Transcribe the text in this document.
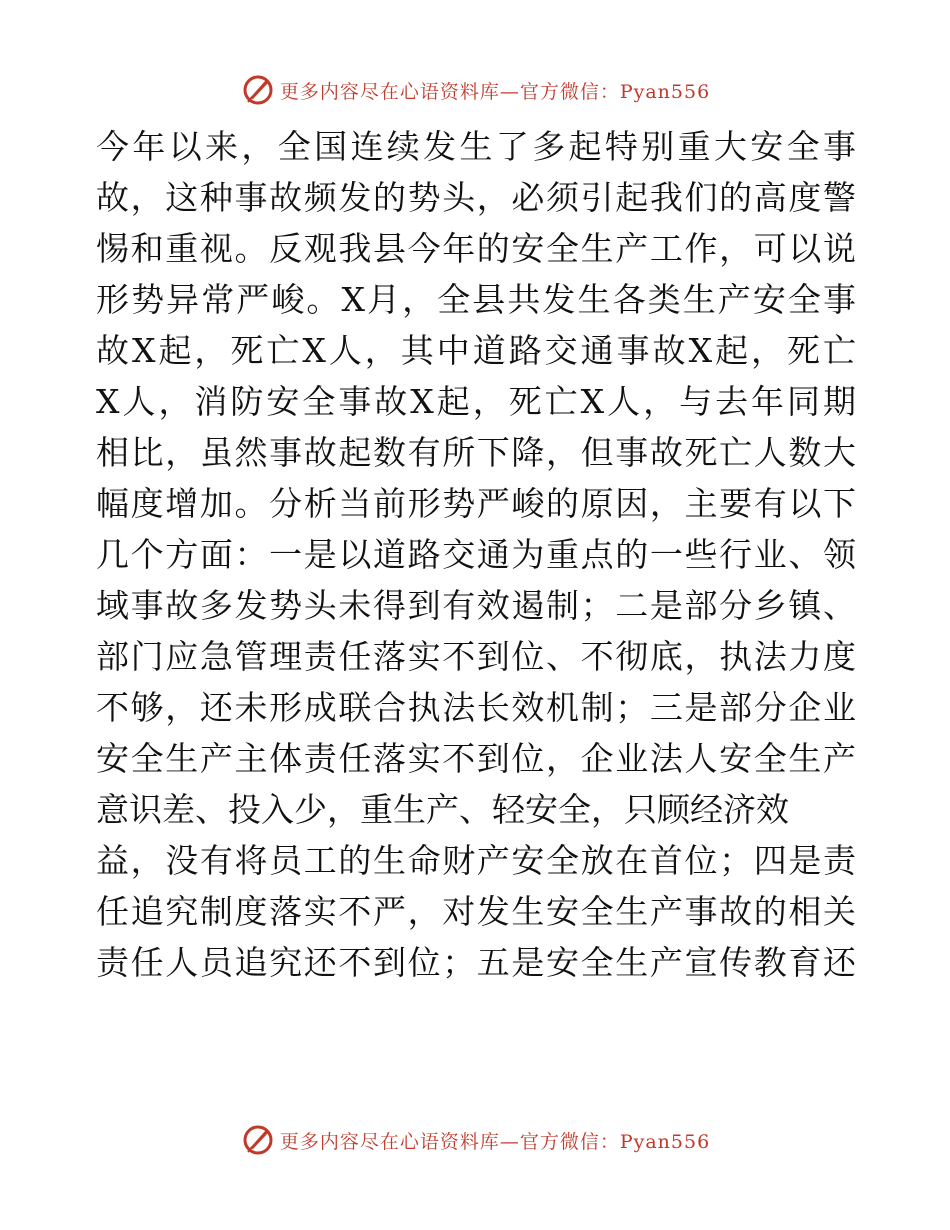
更多内容尽在心语资料库—官方微信：Pyan556
今年以来，全国连续发生了多起特别重大安全事
故，这种事故频发的势头，必须引起我们的高度警
惕和重视。反观我县今年的安全生产工作，可以说
形势异常严峻。X月，全县共发生各类生产安全事
故X起，死亡X人，其中道路交通事故X起，死亡
X人，消防安全事故X起，死亡X人，与去年同期
相比，虽然事故起数有所下降，但事故死亡人数大
幅度增加。分析当前形势严峻的原因，主要有以下
几个方面：一是以道路交通为重点的一些行业、领
域事故多发势头未得到有效遏制；二是部分乡镇、
部门应急管理责任落实不到位、不彻底，执法力度
不够，还未形成联合执法长效机制；三是部分企业
安全生产主体责任落实不到位，企业法人安全生产
意识差、投入少，重生产、轻安全，只顾经济效
益，没有将员工的生命财产安全放在首位；四是责
任追究制度落实不严，对发生安全生产事故的相关
责任人员追究还不到位；五是安全生产宣传教育还
更多内容尽在心语资料库—官方微信：Pyan556
